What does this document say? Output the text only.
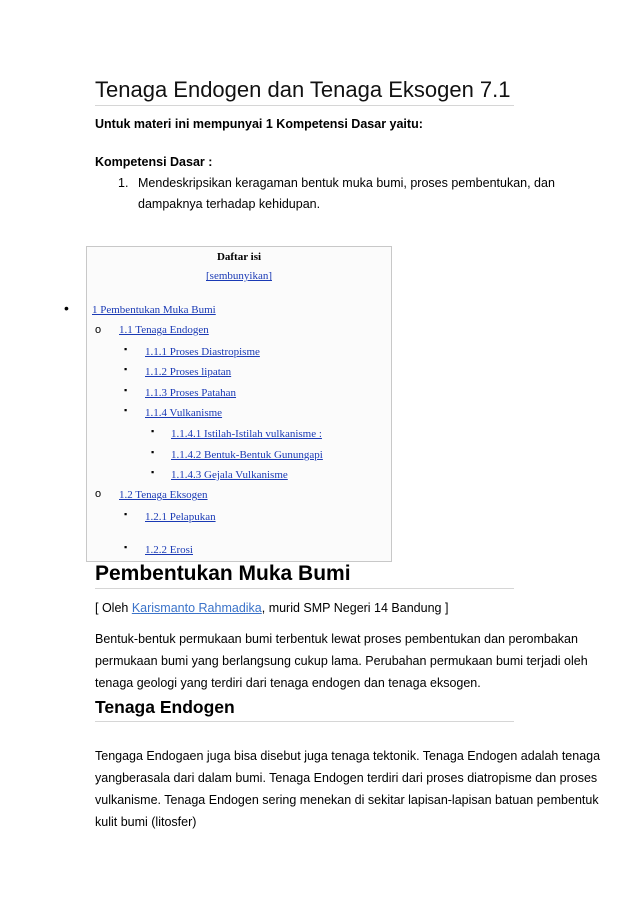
Tenaga Endogen dan Tenaga Eksogen 7.1
Untuk materi ini mempunyai 1 Kompetensi Dasar yaitu:
Kompetensi Dasar :
1. Mendeskripsikan keragaman bentuk muka bumi, proses pembentukan, dan
dampaknya terhadap kehidupan.
Daftar isi
[sembunyikan]
• 1 Pembentukan Muka Bumi
o 1.1 Tenaga Endogen
▪ 1.1.1 Proses Diastropisme
▪ 1.1.2 Proses lipatan
▪ 1.1.3 Proses Patahan
▪ 1.1.4 Vulkanisme
▪ 1.1.4.1 Istilah-Istilah vulkanisme :
▪ 1.1.4.2 Bentuk-Bentuk Gunungapi
▪ 1.1.4.3 Gejala Vulkanisme
o 1.2 Tenaga Eksogen
▪ 1.2.1 Pelapukan
▪ 1.2.2 Erosi
Pembentukan Muka Bumi
[ Oleh Karismanto Rahmadika, murid SMP Negeri 14 Bandung ]
Bentuk-bentuk permukaan bumi terbentuk lewat proses pembentukan dan perombakan
permukaan bumi yang berlangsung cukup lama. Perubahan permukaan bumi terjadi oleh
tenaga geologi yang terdiri dari tenaga endogen dan tenaga eksogen.
Tenaga Endogen
Tengaga Endogaen juga bisa disebut juga tenaga tektonik. Tenaga Endogen adalah tenaga
yangberasala dari dalam bumi. Tenaga Endogen terdiri dari proses diatropisme dan proses
vulkanisme. Tenaga Endogen sering menekan di sekitar lapisan-lapisan batuan pembentuk
kulit bumi (litosfer)
